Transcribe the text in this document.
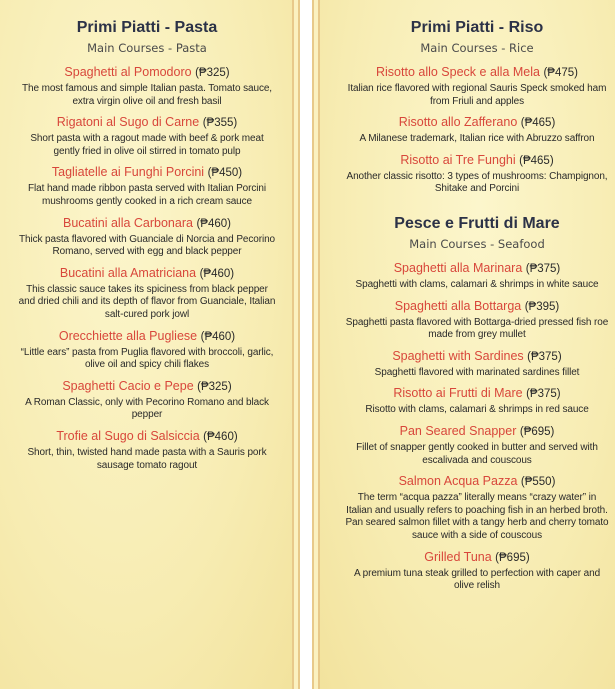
Primi Piatti - Pasta
Main Courses - Pasta
Spaghetti al Pomodoro (₱325)

The most famous and simple Italian pasta. Tomato sauce, extra virgin olive oil and fresh basil

Rigatoni al Sugo di Carne (₱355)

Short pasta with a ragout made with beef & pork meat gently fried in olive oil stirred in tomato pulp

Tagliatelle ai Funghi Porcini (₱450)

Flat hand made ribbon pasta served with Italian Porcini mushrooms gently cooked in a rich cream sauce

Bucatini alla Carbonara (₱460)

Thick pasta flavored with Guanciale di Norcia and Pecorino Romano, served with egg and black pepper

Bucatini alla Amatriciana (₱460)

This classic sauce takes its spiciness from black pepper and dried chili and its depth of flavor from Guanciale, Italian salt-cured pork jowl

Orecchiette alla Pugliese (₱460)

“Little ears” pasta from Puglia flavored with broccoli, garlic, olive oil and spicy chili flakes

Spaghetti Cacio e Pepe (₱325)

A Roman Classic, only with Pecorino Romano and black pepper

Trofie al Sugo di Salsiccia (₱460)

Short, thin, twisted hand made pasta with a Sauris pork sausage tomato ragout

Primi Piatti - Riso
Main Courses - Rice
Risotto allo Speck e alla Mela (₱475)

Italian rice flavored with regional Sauris Speck smoked ham from Friuli and apples

Risotto allo Zafferano (₱465)

A Milanese trademark, Italian rice with Abruzzo saffron

Risotto ai Tre Funghi (₱465)

Another classic risotto: 3 types of mushrooms: Champignon, Shitake and Porcini

Pesce e Frutti di Mare
Main Courses - Seafood
Spaghetti alla Marinara (₱375)

Spaghetti with clams, calamari & shrimps in white sauce

Spaghetti alla Bottarga (₱395)

Spaghetti pasta flavored with Bottarga-dried pressed fish roe made from grey mullet

Spaghetti with Sardines (₱375)

Spaghetti flavored with marinated sardines fillet

Risotto ai Frutti di Mare (₱375)

Risotto with clams, calamari & shrimps in red sauce

Pan Seared Snapper (₱695)

Fillet of snapper gently cooked in butter and served with escalivada and couscous

Salmon Acqua Pazza (₱550)

The term “acqua pazza” literally means “crazy water” in Italian and usually refers to poaching fish in an herbed broth. Pan seared salmon fillet with a tangy herb and cherry tomato sauce with a side of couscous

Grilled Tuna (₱695)

A premium tuna steak grilled to perfection with caper and olive relish
